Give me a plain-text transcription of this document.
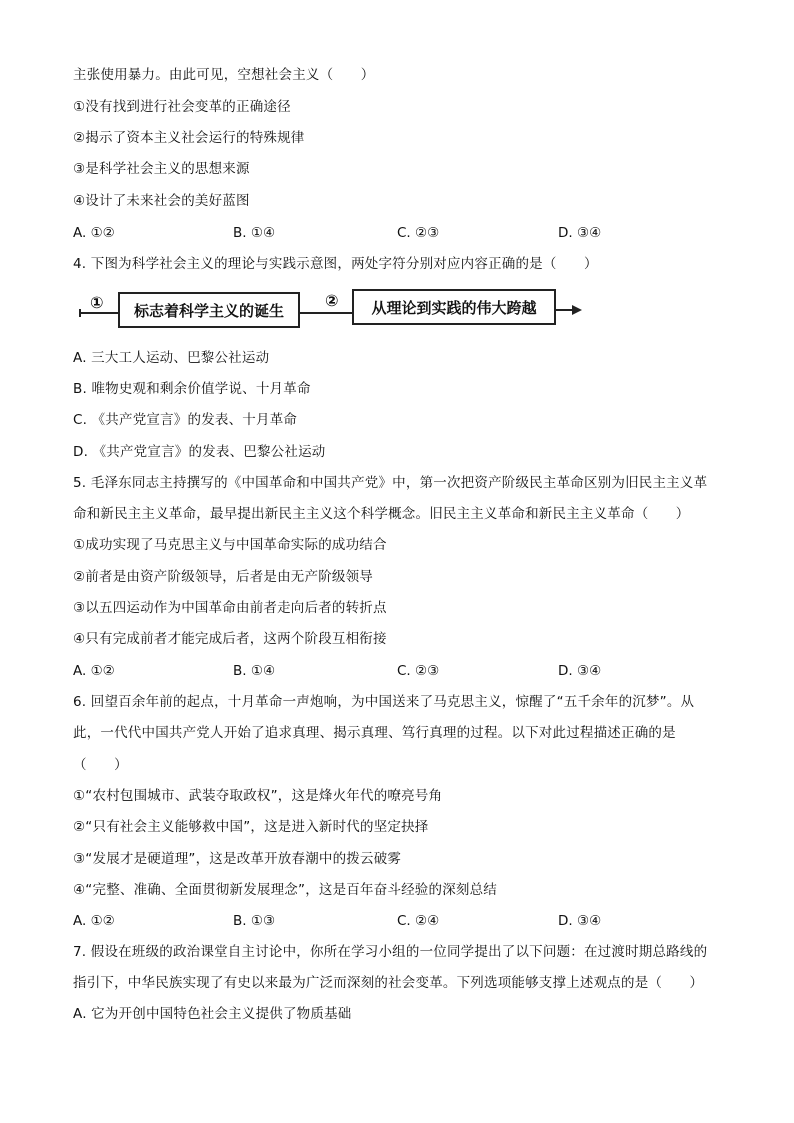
主张使用暴力。由此可见，空想社会主义（　　）
①没有找到进行社会变革的正确途径
②揭示了资本主义社会运行的特殊规律
③是科学社会主义的思想来源
④设计了未来社会的美好蓝图
A. ①②	B. ①④	C. ②③	D. ③④
4. 下图为科学社会主义的理论与实践示意图，两处字符分别对应内容正确的是（　　）
①	标志着科学主义的诞生
②	从理论到实践的伟大跨越
A. 三大工人运动、巴黎公社运动
B. 唯物史观和剩余价值学说、十月革命
C. 《共产党宣言》的发表、十月革命
D. 《共产党宣言》的发表、巴黎公社运动
5. 毛泽东同志主持撰写的《中国革命和中国共产党》中，第一次把资产阶级民主革命区别为旧民主主义革
命和新民主主义革命，最早提出新民主主义这个科学概念。旧民主主义革命和新民主主义革命（　　）
①成功实现了马克思主义与中国革命实际的成功结合
②前者是由资产阶级领导，后者是由无产阶级领导
③以五四运动作为中国革命由前者走向后者的转折点
④只有完成前者才能完成后者，这两个阶段互相衔接
A. ①②	B. ①④	C. ②③	D. ③④
6. 回望百余年前的起点，十月革命一声炮响，为中国送来了马克思主义，惊醒了“五千余年的沉梦”。从
此，一代代中国共产党人开始了追求真理、揭示真理、笃行真理的过程。以下对此过程描述正确的是
（　　）
①“农村包围城市、武装夺取政权”，这是烽火年代的嘹亮号角
②“只有社会主义能够救中国”，这是进入新时代的坚定抉择
③“发展才是硬道理”，这是改革开放春潮中的拨云破雾
④“完整、准确、全面贯彻新发展理念”，这是百年奋斗经验的深刻总结
A. ①②	B. ①③	C. ②④	D. ③④
7. 假设在班级的政治课堂自主讨论中，你所在学习小组的一位同学提出了以下问题：在过渡时期总路线的
指引下，中华民族实现了有史以来最为广泛而深刻的社会变革。下列选项能够支撑上述观点的是（　　）
A. 它为开创中国特色社会主义提供了物质基础
